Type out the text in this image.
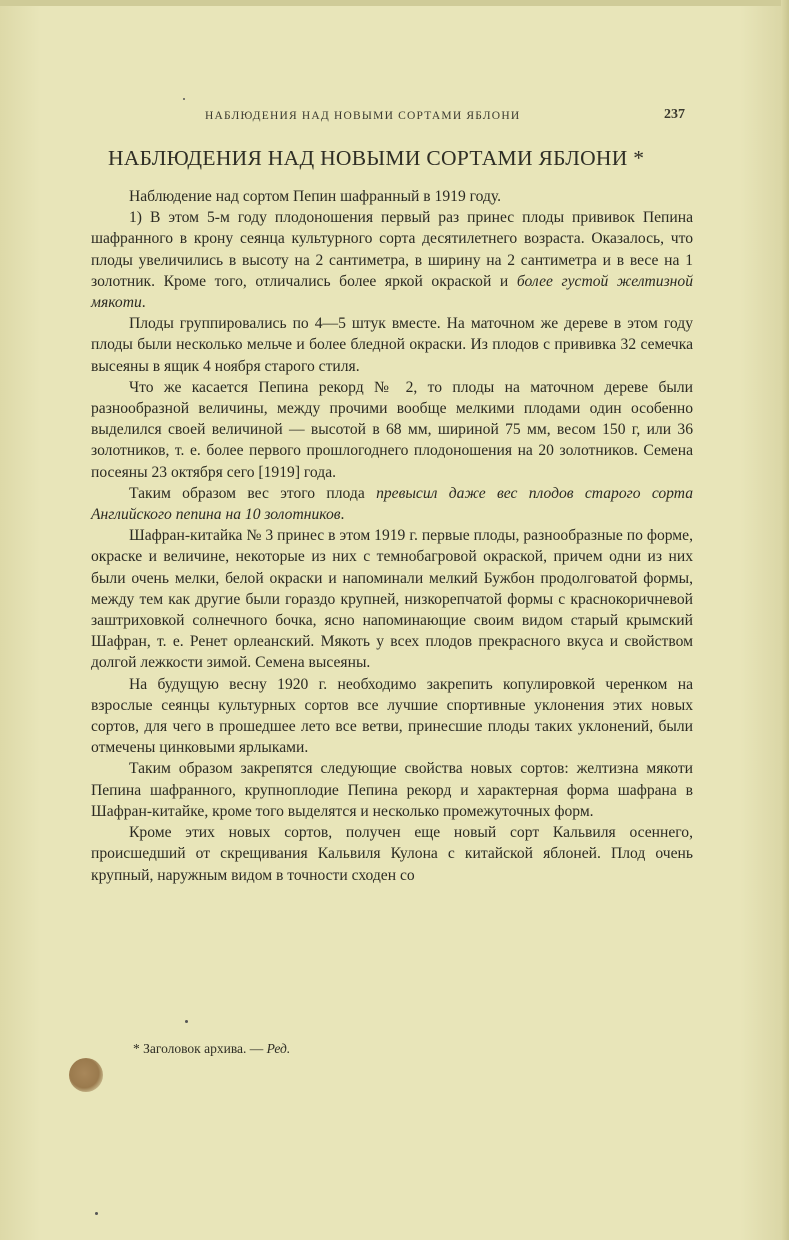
НАБЛЮДЕНИЯ НАД НОВЫМИ СОРТАМИ ЯБЛОНИ	237
НАБЛЮДЕНИЯ НАД НОВЫМИ СОРТАМИ ЯБЛОНИ *

Наблюдение над сортом Пепин шафранный в 1919 году.

1) В этом 5-м году плодоношения первый раз принес плоды прививок Пепина шафранного в крону сеянца культурного сорта десятилетнего возраста. Оказалось, что плоды увеличились в высоту на 2 сантиметра, в ширину на 2 сантиметра и в весе на 1 золотник. Кроме того, отличались более яркой окраской и более густой желтизной мякоти.

Плоды группировались по 4—5 штук вместе. На маточном же дереве в этом году плоды были несколько мельче и более бледной окраски. Из плодов с прививка 32 семечка высеяны в ящик 4 ноября старого стиля.

Что же касается Пепина рекорд № 2, то плоды на маточном дереве были разнообразной величины, между прочими вообще мелкими плодами один особенно выделился своей величиной — высотой в 68 мм, шириной 75 мм, весом 150 г, или 36 золотников, т. е. более первого прошлогоднего плодоношения на 20 золотников. Семена посеяны 23 октября сего [1919] года.

Таким образом вес этого плода превысил даже вес плодов старого сорта Английского пепина на 10 золотников.

Шафран-китайка № 3 принес в этом 1919 г. первые плоды, разнообразные по форме, окраске и величине, некоторые из них с темнобагровой окраской, причем одни из них были очень мелки, белой окраски и напоминали мелкий Бужбон продолговатой формы, между тем как другие были гораздо крупней, низкорепчатой формы с краснокоричневой заштриховкой солнечного бочка, ясно напоминающие своим видом старый крымский Шафран, т. е. Ренет орлеанский. Мякоть у всех плодов прекрасного вкуса и свойством долгой лежкости зимой. Семена высеяны.

На будущую весну 1920 г. необходимо закрепить копулировкой черенком на взрослые сеянцы культурных сортов все лучшие спортивные уклонения этих новых сортов, для чего в прошедшее лето все ветви, принесшие плоды таких уклонений, были отмечены цинковыми ярлыками.

Таким образом закрепятся следующие свойства новых сортов: желтизна мякоти Пепина шафранного, крупноплодие Пепина рекорд и характерная форма шафрана в Шафран-китайке, кроме того выделятся и несколько промежуточных форм.

Кроме этих новых сортов, получен еще новый сорт Кальвиля осеннего, происшедший от скрещивания Кальвиля Кулона с китайской яблоней. Плод очень крупный, наружным видом в точности сходен со

* Заголовок архива. — Ред.
